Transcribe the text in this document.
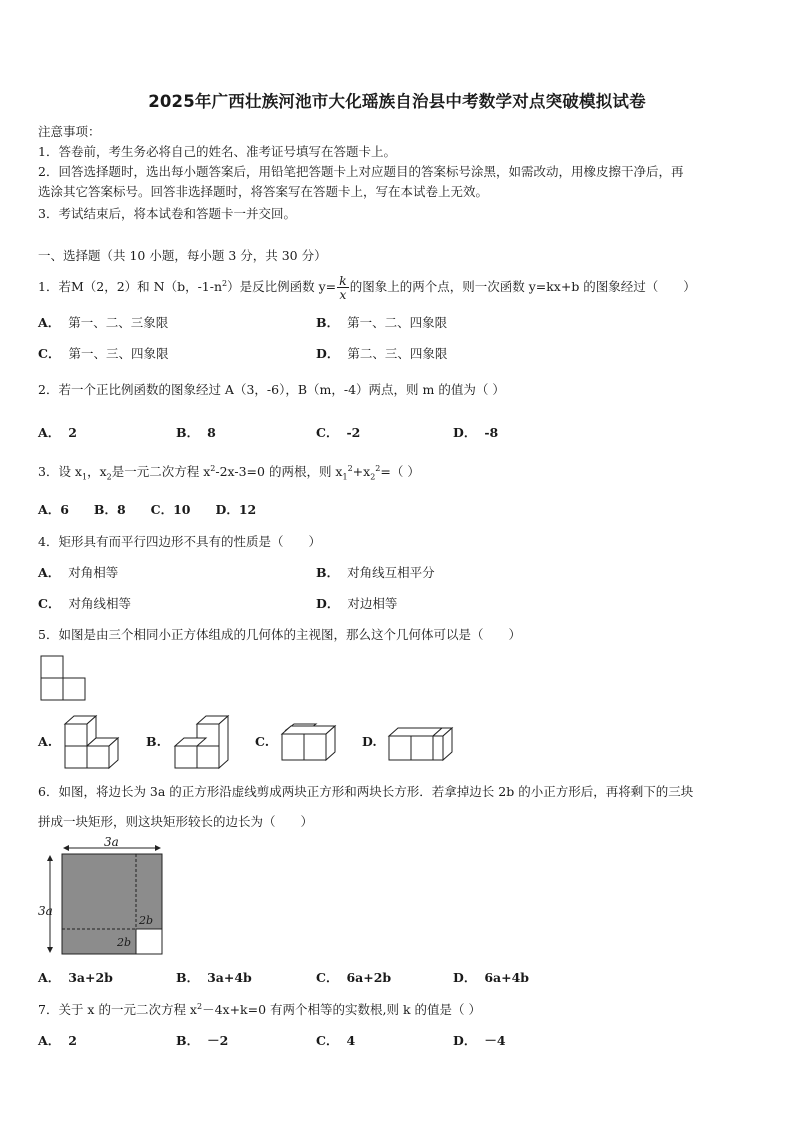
2025年广西壮族河池市大化瑶族自治县中考数学对点突破模拟试卷
注意事项：
1．答卷前，考生务必将自己的姓名、准考证号填写在答题卡上。
2．回答选择题时，选出每小题答案后，用铅笔把答题卡上对应题目的答案标号涂黑，如需改动，用橡皮擦干净后，再
选涂其它答案标号。回答非选择题时，将答案写在答题卡上，写在本试卷上无效。
3．考试结束后，将本试卷和答题卡一并交回。
一、选择题（共 10 小题，每小题 3 分，共 30 分）
1．若M（2，2）和 N（b，$-1-n^2$）是反比例函数 $y= \frac{k}{x}$ 的图象上的两个点，则一次函数 y=kx+b 的图象经过（　　）
A． 第一、二、三象限	B． 第一、二、四象限
C． 第一、三、四象限	D． 第二、三、四象限
2．若一个正比例函数的图象经过 A（3，-6），B（m，-4）两点，则 m 的值为（ ）
A． 2	B． 8	C． -2	D． -8
3．设 $x_1$，$x_2$是一元二次方程 $x^2-2x-3=0$ 的两根，则 $x_1^2+x_2^2=$（ ）
A．6　　B．8　　C．10　　D．12
4．矩形具有而平行四边形不具有的性质是（　　）
A． 对角相等	B． 对角线互相平分
C． 对角线相等	D． 对边相等
5．如图是由三个相同小正方体组成的几何体的主视图，那么这个几何体可以是（　　）
A.	B.	C.	D.
6．如图，将边长为 3a 的正方形沿虚线剪成两块正方形和两块长方形．若拿掉边长 2b 的小正方形后，再将剩下的三块
拼成一块矩形，则这块矩形较长的边长为（　　）
3a
3a
2b
2b
A． 3a+2b	B． 3a+4b	C． 6a+2b	D． 6a+4b
7．关于 x 的一元二次方程 $x^2-4x+k=0$ 有两个相等的实数根,则 k 的值是（ ）
A． 2	B． －2	C． 4	D． －4
